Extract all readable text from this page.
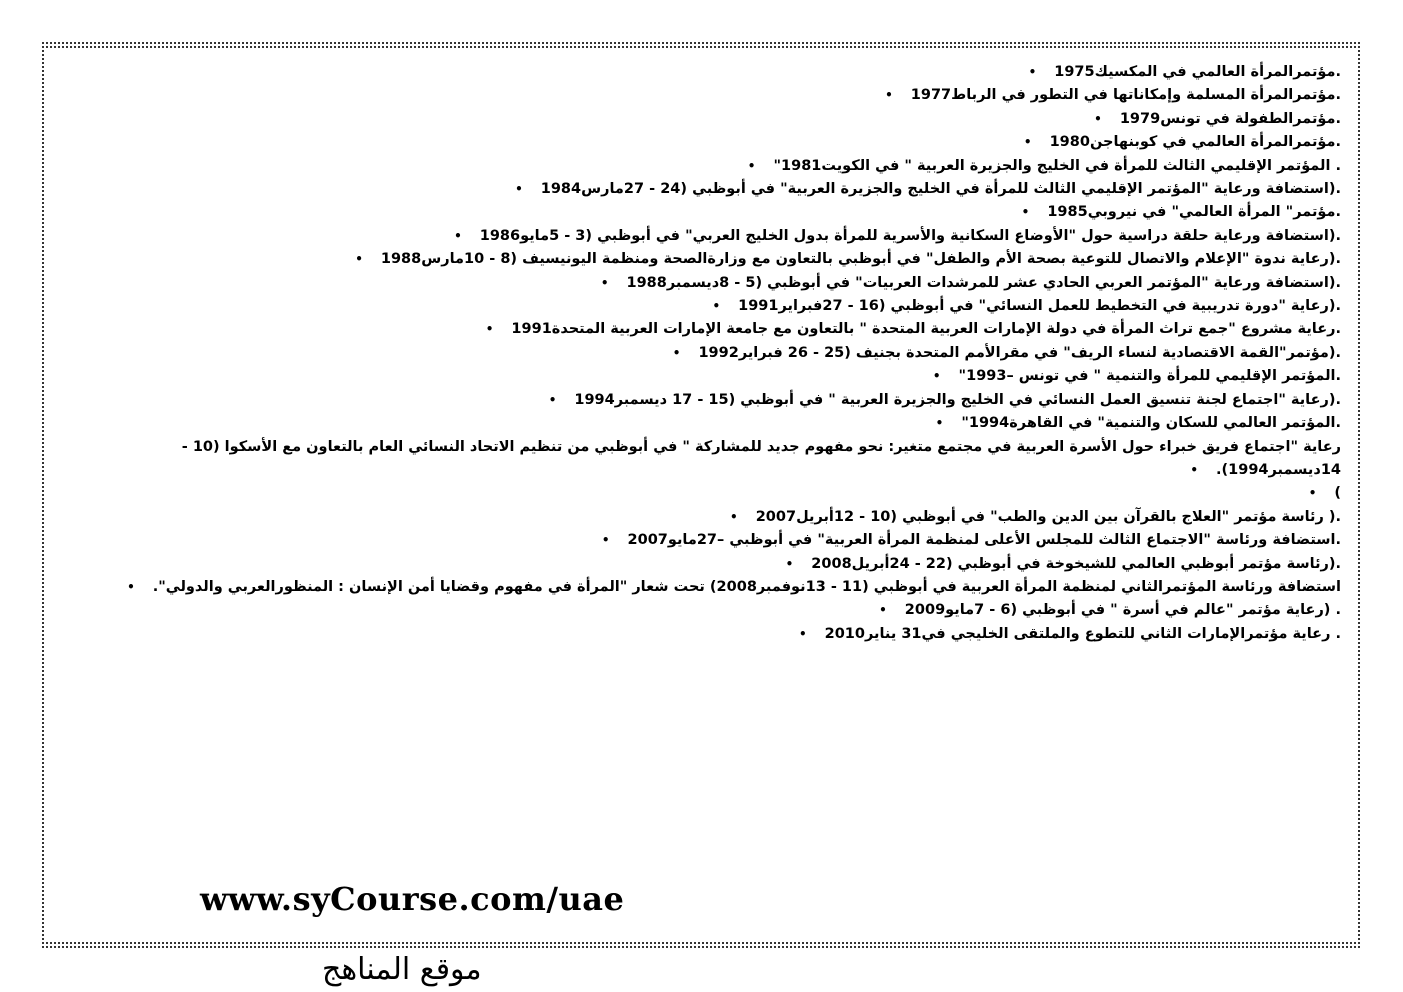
.مؤتمرالمرأة العالمي في المكسيك1975•
.مؤتمرالمرأة المسلمة وإمكاناتها في التطور في الرباط1977•
.مؤتمرالطفولة في تونس1979•
.مؤتمرالمرأة العالمي في كوبنهاجن1980•
. المؤتمر الإقليمي الثالث للمرأة في الخليج والجزيرة العربية " في الكويت1981"•
.(استضافة ورعاية "المؤتمر الإقليمي الثالث للمرأة في الخليج والجزيرة العربية" في أبوظبي (24 - 27مارس1984•
.مؤتمر" المرأة العالمي" في نيروبي1985•
.(استضافة ورعاية حلقة دراسية حول "الأوضاع السكانية والأسرية للمرأة بدول الخليج العربي" في أبوظبي (3 - 5مايو1986•
.(رعاية ندوة "الإعلام والاتصال للتوعية بصحة الأم والطفل" في أبوظبي بالتعاون مع وزارةالصحة ومنظمة اليونيسيف (8 - 10مارس1988•
.(استضافة ورعاية "المؤتمر العربي الحادي عشر للمرشدات العربيات" في أبوظبي (5 - 8ديسمبر1988•
.(رعاية "دورة تدريبية في التخطيط للعمل النسائي" في أبوظبي (16 - 27فبراير1991•
.رعاية مشروع "جمع تراث المرأة في دولة الإمارات العربية المتحدة " بالتعاون مع جامعة الإمارات العربية المتحدة1991•
.(مؤتمر"القمة الاقتصادية لنساء الريف" في مقرالأمم المتحدة بجنيف (25 - 26 فبراير1992•
.المؤتمر الإقليمي للمرأة والتنمية " في تونس –1993"•
.(رعاية "اجتماع لجنة تنسيق العمل النسائي في الخليج والجزيرة العربية " في أبوظبي (15 - 17 ديسمبر1994•
.المؤتمر العالمي للسكان والتنمية" في القاهرة1994"•
رعاية "اجتماع فريق خبراء حول الأسرة العربية في مجتمع متغير: نحو مفهوم جديد للمشاركة " في أبوظبي من تنظيم الاتحاد النسائي العام بالتعاون مع الأسكوا (10 - 14ديسمبر1994).•
)•
.( رئاسة مؤتمر "العلاج بالقرآن بين الدين والطب" في أبوظبي (10 - 12أبريل2007•
.استضافة ورئاسة "الاجتماع الثالث للمجلس الأعلى لمنظمة المرأة العربية" في أبوظبي –27مايو2007•
.(رئاسة مؤتمر أبوظبي العالمي للشيخوخة في أبوظبي (22 - 24أبريل2008•
استضافة ورئاسة المؤتمرالثاني لمنظمة المرأة العربية في أبوظبي (11 - 13نوفمبر2008) تحت شعار "المرأة في مفهوم وقضايا أمن الإنسان : المنظورالعربي والدولي".•
. (رعاية مؤتمر "عالم في أسرة " في أبوظبي (6 - 7مايو2009•
. رعاية مؤتمرالإمارات الثاني للتطوع والملتقى الخليجي في31 يناير2010•
www.syCourse.com/uae
موقع المناهج
